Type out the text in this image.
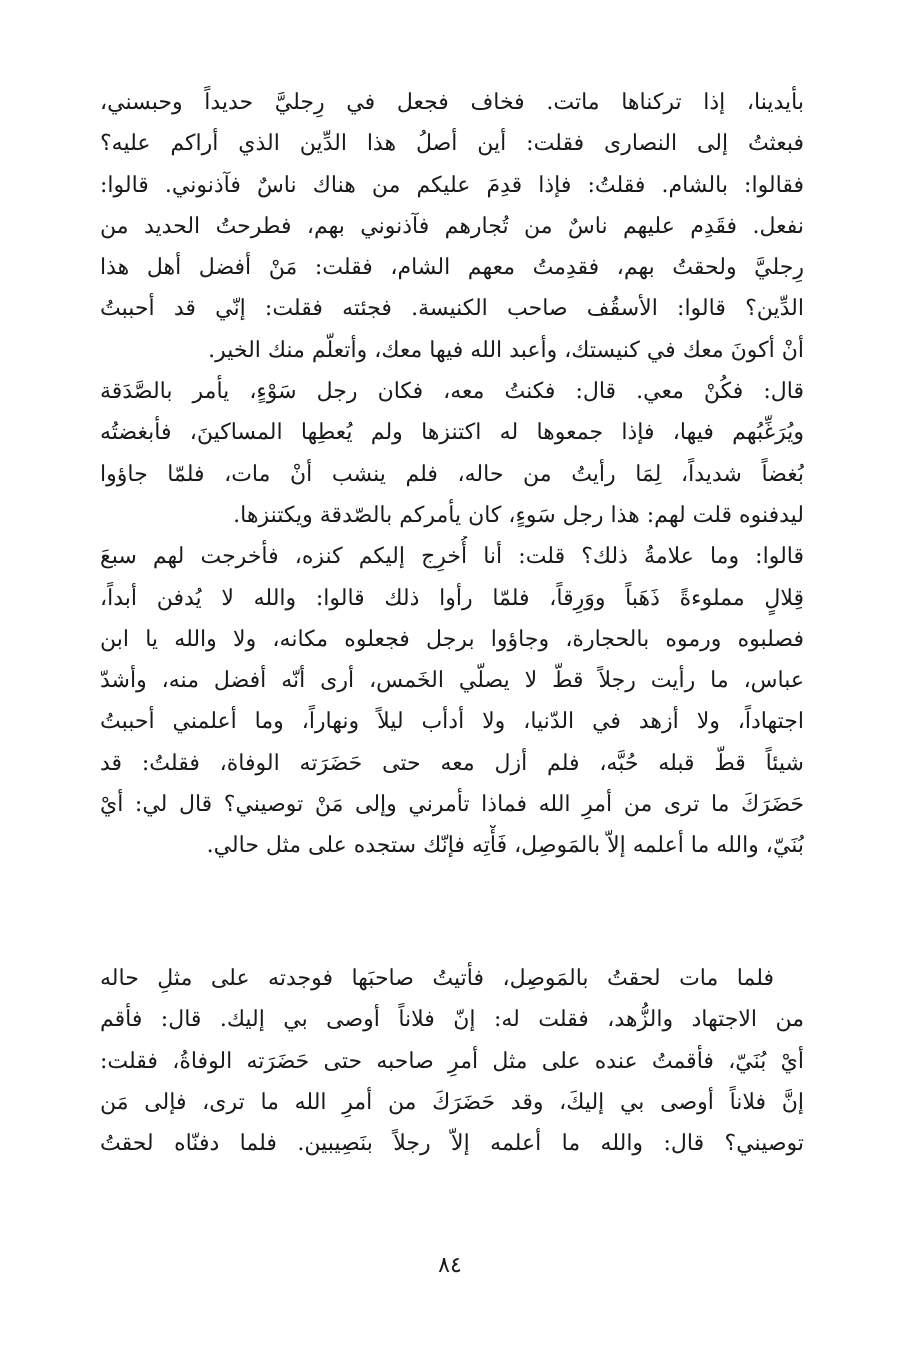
بأيدينا، إذا تركناها ماتت. فخاف فجعل في رِجليَّ حديداً وحبسني،
فبعثتُ إلى النصارى فقلت: أين أصلُ هذا الدِّين الذي أراكم عليه؟
فقالوا: بالشام. فقلتُ: فإذا قدِمَ عليكم من هناك ناسٌ فآذنوني. قالوا:
نفعل. فقَدِم عليهم ناسٌ من تُجارهم فآذنوني بهم، فطرحتُ الحديد من
رِجليَّ ولحقتُ بهم، فقدِمتُ معهم الشام، فقلت: مَنْ أفضل أهل هذا
الدِّين؟ قالوا: الأسقُف صاحب الكنيسة. فجئته فقلت: إنّي قد أحببتُ
أنْ أكونَ معك في كنيستك، وأعبد الله فيها معك، وأتعلّم منك الخير.
قال: فكُنْ معي. قال: فكنتُ معه، فكان رجل سَوْءٍ، يأمر بالصَّدَقة
ويُرَغِّبُهم فيها، فإذا جمعوها له اكتنزها ولم يُعطِها المساكينَ، فأبغضتُه
بُغضاً شديداً، لِمَا رأيتُ من حاله، فلم ينشب أنْ مات، فلمّا جاؤوا
ليدفنوه قلت لهم: هذا رجل سَوءٍ، كان يأمركم بالصّدقة ويكتنزها.
قالوا: وما علامةُ ذلك؟ قلت: أنا أُخرِج إليكم كنزه، فأخرجت لهم سبعَ
قِلالٍ مملوءةً ذَهَباً ووَرِقاً، فلمّا رأوا ذلك قالوا: والله لا يُدفن أبداً،
فصلبوه ورموه بالحجارة، وجاؤوا برجل فجعلوه مكانه، ولا والله يا ابن
عباس، ما رأيت رجلاً قطّ لا يصلّي الخَمس، أرى أنّه أفضل منه، وأشدّ
اجتهاداً، ولا أزهد في الدّنيا، ولا أدأب ليلاً ونهاراً، وما أعلمني أحببتُ
شيئاً قطّ قبله حُبَّه، فلم أزل معه حتى حَضَرَته الوفاة، فقلتُ: قد
حَضَرَكَ ما ترى من أمرِ الله فماذا تأمرني وإلى مَنْ توصيني؟ قال لي: أيْ
بُنَيّ، والله ما أعلمه إلاّ بالمَوصِل، فَأْتِه فإنّك ستجده على مثل حالي.
فلما مات لحقتُ بالمَوصِل، فأتيتُ صاحبَها فوجدته على مثلِ حاله
من الاجتهاد والزُّهد، فقلت له: إنّ فلاناً أوصى بي إليك. قال: فأقم
أيْ بُنَيّ، فأقمتُ عنده على مثل أمرِ صاحبه حتى حَضَرَته الوفاةُ، فقلت:
إنَّ فلاناً أوصى بي إليكَ، وقد حَضَرَكَ من أمرِ الله ما ترى، فإلى مَن
توصيني؟ قال: والله ما أعلمه إلاّ رجلاً بنَصِيبين. فلما دفنّاه لحقتُ
٨٤
